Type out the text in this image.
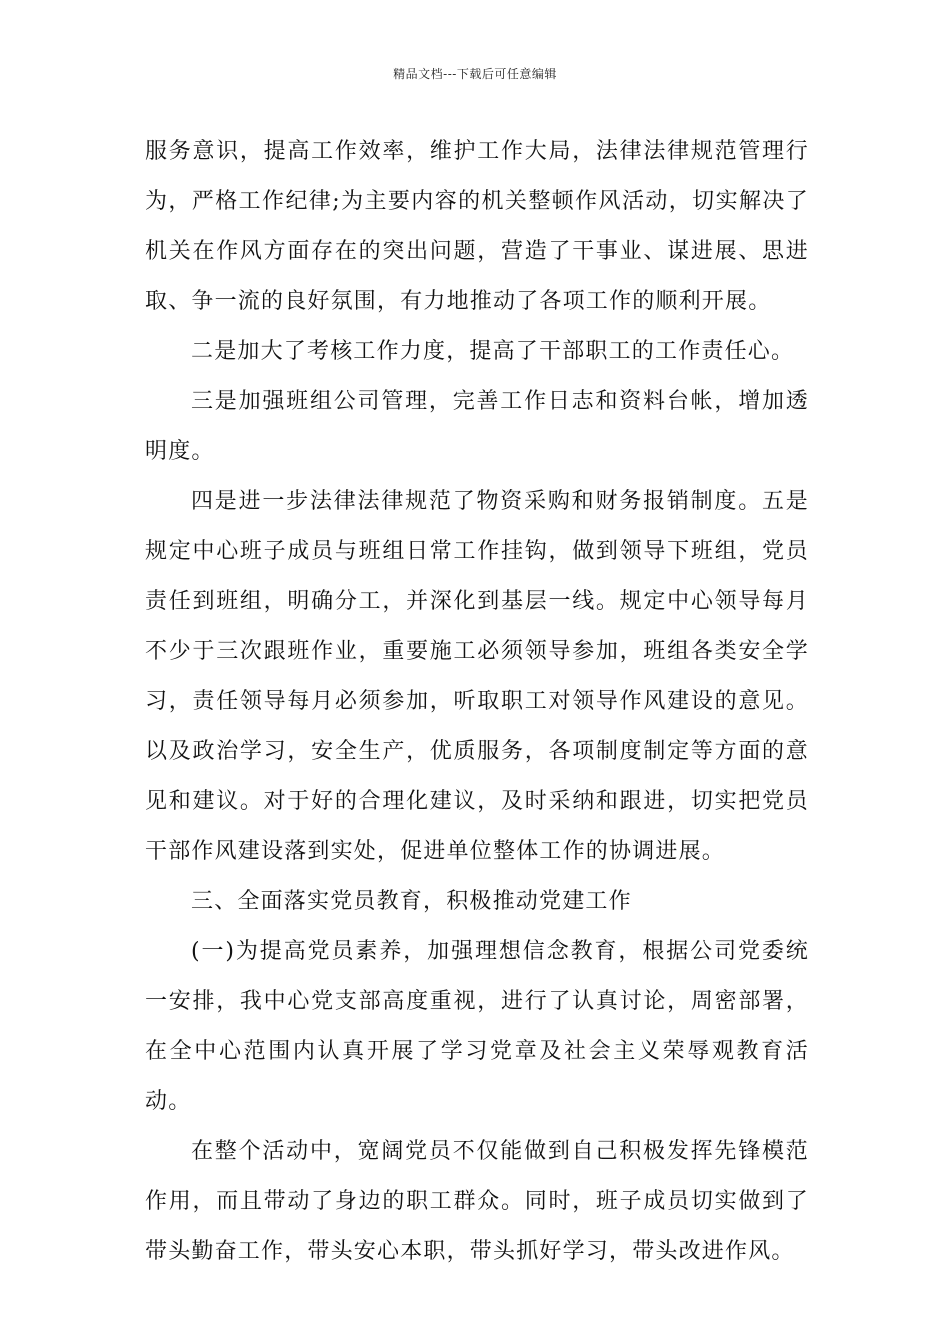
精品文档---下载后可任意编辑

服务意识，提高工作效率，维护工作大局，法律法律规范管理行为，严格工作纪律;为主要内容的机关整顿作风活动，切实解决了机关在作风方面存在的突出问题，营造了干事业、谋进展、思进取、争一流的良好氛围，有力地推动了各项工作的顺利开展。

二是加大了考核工作力度，提高了干部职工的工作责任心。

三是加强班组公司管理，完善工作日志和资料台帐，增加透明度。

四是进一步法律法律规范了物资采购和财务报销制度。五是规定中心班子成员与班组日常工作挂钩，做到领导下班组，党员责任到班组，明确分工，并深化到基层一线。规定中心领导每月不少于三次跟班作业，重要施工必须领导参加，班组各类安全学习，责任领导每月必须参加，听取职工对领导作风建设的意见。以及政治学习，安全生产，优质服务，各项制度制定等方面的意见和建议。对于好的合理化建议，及时采纳和跟进，切实把党员干部作风建设落到实处，促进单位整体工作的协调进展。

三、全面落实党员教育，积极推动党建工作

(一)为提高党员素养，加强理想信念教育，根据公司党委统一安排，我中心党支部高度重视，进行了认真讨论，周密部署，在全中心范围内认真开展了学习党章及社会主义荣辱观教育活动。

在整个活动中，宽阔党员不仅能做到自己积极发挥先锋模范作用，而且带动了身边的职工群众。同时，班子成员切实做到了带头勤奋工作，带头安心本职，带头抓好学习，带头改进作风。
